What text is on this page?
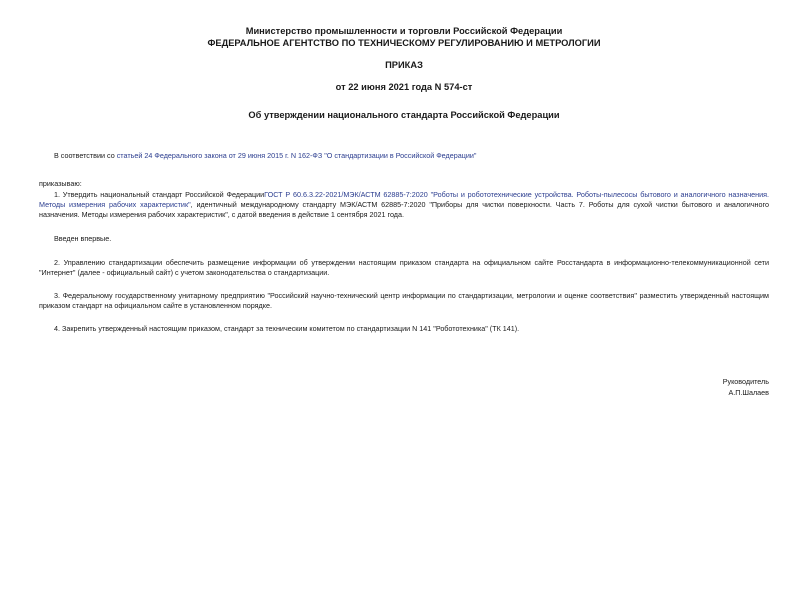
Министерство промышленности и торговли Российской Федерации
ФЕДЕРАЛЬНОЕ АГЕНТСТВО ПО ТЕХНИЧЕСКОМУ РЕГУЛИРОВАНИЮ И МЕТРОЛОГИИ
ПРИКАЗ
от 22 июня 2021 года N 574-ст
Об утверждении национального стандарта Российской Федерации

В соответствии со статьей 24 Федерального закона от 29 июня 2015 г. N 162-ФЗ "О стандартизации в Российской Федерации"

приказываю:

1. Утвердить национальный стандарт Российской ФедерацииГОСТ Р 60.6.3.22-2021/МЭК/АСТМ 62885-7:2020 "Роботы и робототехнические устройства. Роботы-пылесосы бытового и аналогичного назначения. Методы измерения рабочих характеристик", идентичный международному стандарту МЭК/АСТМ 62885-7:2020 "Приборы для чистки поверхности. Часть 7. Роботы для сухой чистки бытового и аналогичного назначения. Методы измерения рабочих характеристик", с датой введения в действие 1 сентября 2021 года.

Введен впервые.

2. Управлению стандартизации обеспечить размещение информации об утверждении настоящим приказом стандарта на официальном сайте Росстандарта в информационно-телекоммуникационной сети "Интернет" (далее - официальный сайт) с учетом законодательства о стандартизации.

3. Федеральному государственному унитарному предприятию "Российский научно-технический центр информации по стандартизации, метрологии и оценке соответствия" разместить утвержденный настоящим приказом стандарт на официальном сайте в установленном порядке.

4. Закрепить утвержденный настоящим приказом, стандарт за техническим комитетом по стандартизации N 141 "Робототехника" (ТК 141).

Руководитель
А.П.Шалаев
